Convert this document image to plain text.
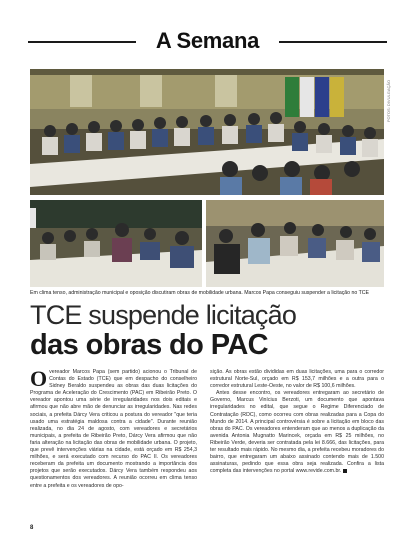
A Semana
FOTOS: DIVULGAÇÃO
Em clima tenso, administração municipal e oposição discutiram obras de mobilidade urbana. Marcos Papa conseguiu suspender a licitação no TCE
TCE suspende licitação
das obras do PAC

Overeador Marcos Papa (sem partido) acionou o Tribunal de Contas do Estado (TCE) que em despacho do conselheiro Sidney Beraldo suspendeu as obras das duas licitações do Programa de Aceleração do Crescimento (PAC) em Ribeirão Preto. O vereador apontou uma série de irregularidades nos dois editais e afirmou que não abre mão de denunciar as irregularidades. Nas redes sociais, a prefeita Dárcy Vera criticou a postura do vereador "que teria usado uma estratégia maldosa contra a cidade". Durante reunião realizada, no dia 24 de agosto, com vereadores e secretários municipais, a prefeita de Ribeirão Preto, Dárcy Vera afirmou que não faria alteração na licitação das obras de mobilidade urbana. O projeto, que prevê intervenções viárias na cidade, está orçado em R$ 254,3 milhões, e será executado com recurso do PAC II. Os vereadores receberam da prefeita um documento mostrando a importância dos projetos que serão executados. Dárcy Vera também respondeu aos questionamentos dos vereadores. A reunião ocorreu em clima tenso entre a prefeita e os vereadores de opo-

sição. As obras estão divididas em duas licitações, uma para o corredor estrutural Norte-Sul, orçado em R$ 153,7 milhões e a outra para o corredor estrutural Leste-Oeste, no valor de R$ 100,6 milhões.

Antes desse encontro, os vereadores entregaram ao secretário de Governo, Marcus Vinícius Berzoti, um documento que apontava irregularidades no edital, que segue o Regime Diferenciado de Contratação (RDC), como ocorreu com obras realizadas para a Copa do Mundo de 2014. A principal controvérsia é sobre a licitação em bloco das obras do PAC. Os vereadores entenderam que ao menos a duplicação da avenida Antonia Mugnatto Marincek, orçada em R$ 25 milhões, no Ribeirão Verde, deveria ser contratada pela lei 8.666, das licitações, para ter resultado mais rápido. No mesmo dia, a prefeita recebeu moradores do bairro, que entregaram um abaixo assinado contendo mais de 1.500 assinaturas, pedindo que essa obra seja realizada. Confira a lista completa das intervenções no portal www.revide.com.br.

8
